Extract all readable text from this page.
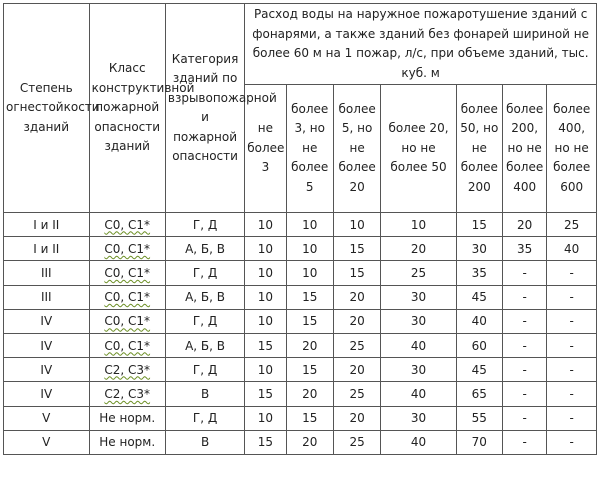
Степень огнестойкости зданий	Класс конструктивной пожарной опасности зданий	Категория зданий по взрывопожарной и пожарной опасности	Расход воды на наружное пожаротушение зданий с фонарями, а также зданий без фонарей шириной не более 60 м на 1 пожар, л/с, при объеме зданий, тыс. куб. м						
			не более 3	более 3, но не более 5	более 5, но не более 20	более 20, но не более 50	более 50, но не более 200	более 200, но не более 400	более 400, но не более 600
I и II	С0, С1*	Г, Д	10	10	10	10	15	20	25
I и II	С0, С1*	А, Б, В	10	10	15	20	30	35	40
III	С0, С1*	Г, Д	10	10	15	25	35	-	-
III	С0, С1*	А, Б, В	10	15	20	30	45	-	-
IV	С0, С1*	Г, Д	10	15	20	30	40	-	-
IV	С0, С1*	А, Б, В	15	20	25	40	60	-	-
IV	С2, С3*	Г, Д	10	15	20	30	45	-	-
IV	С2, С3*	В	15	20	25	40	65	-	-
V	Не норм.	Г, Д	10	15	20	30	55	-	-
V	Не норм.	В	15	20	25	40	70	-	-
